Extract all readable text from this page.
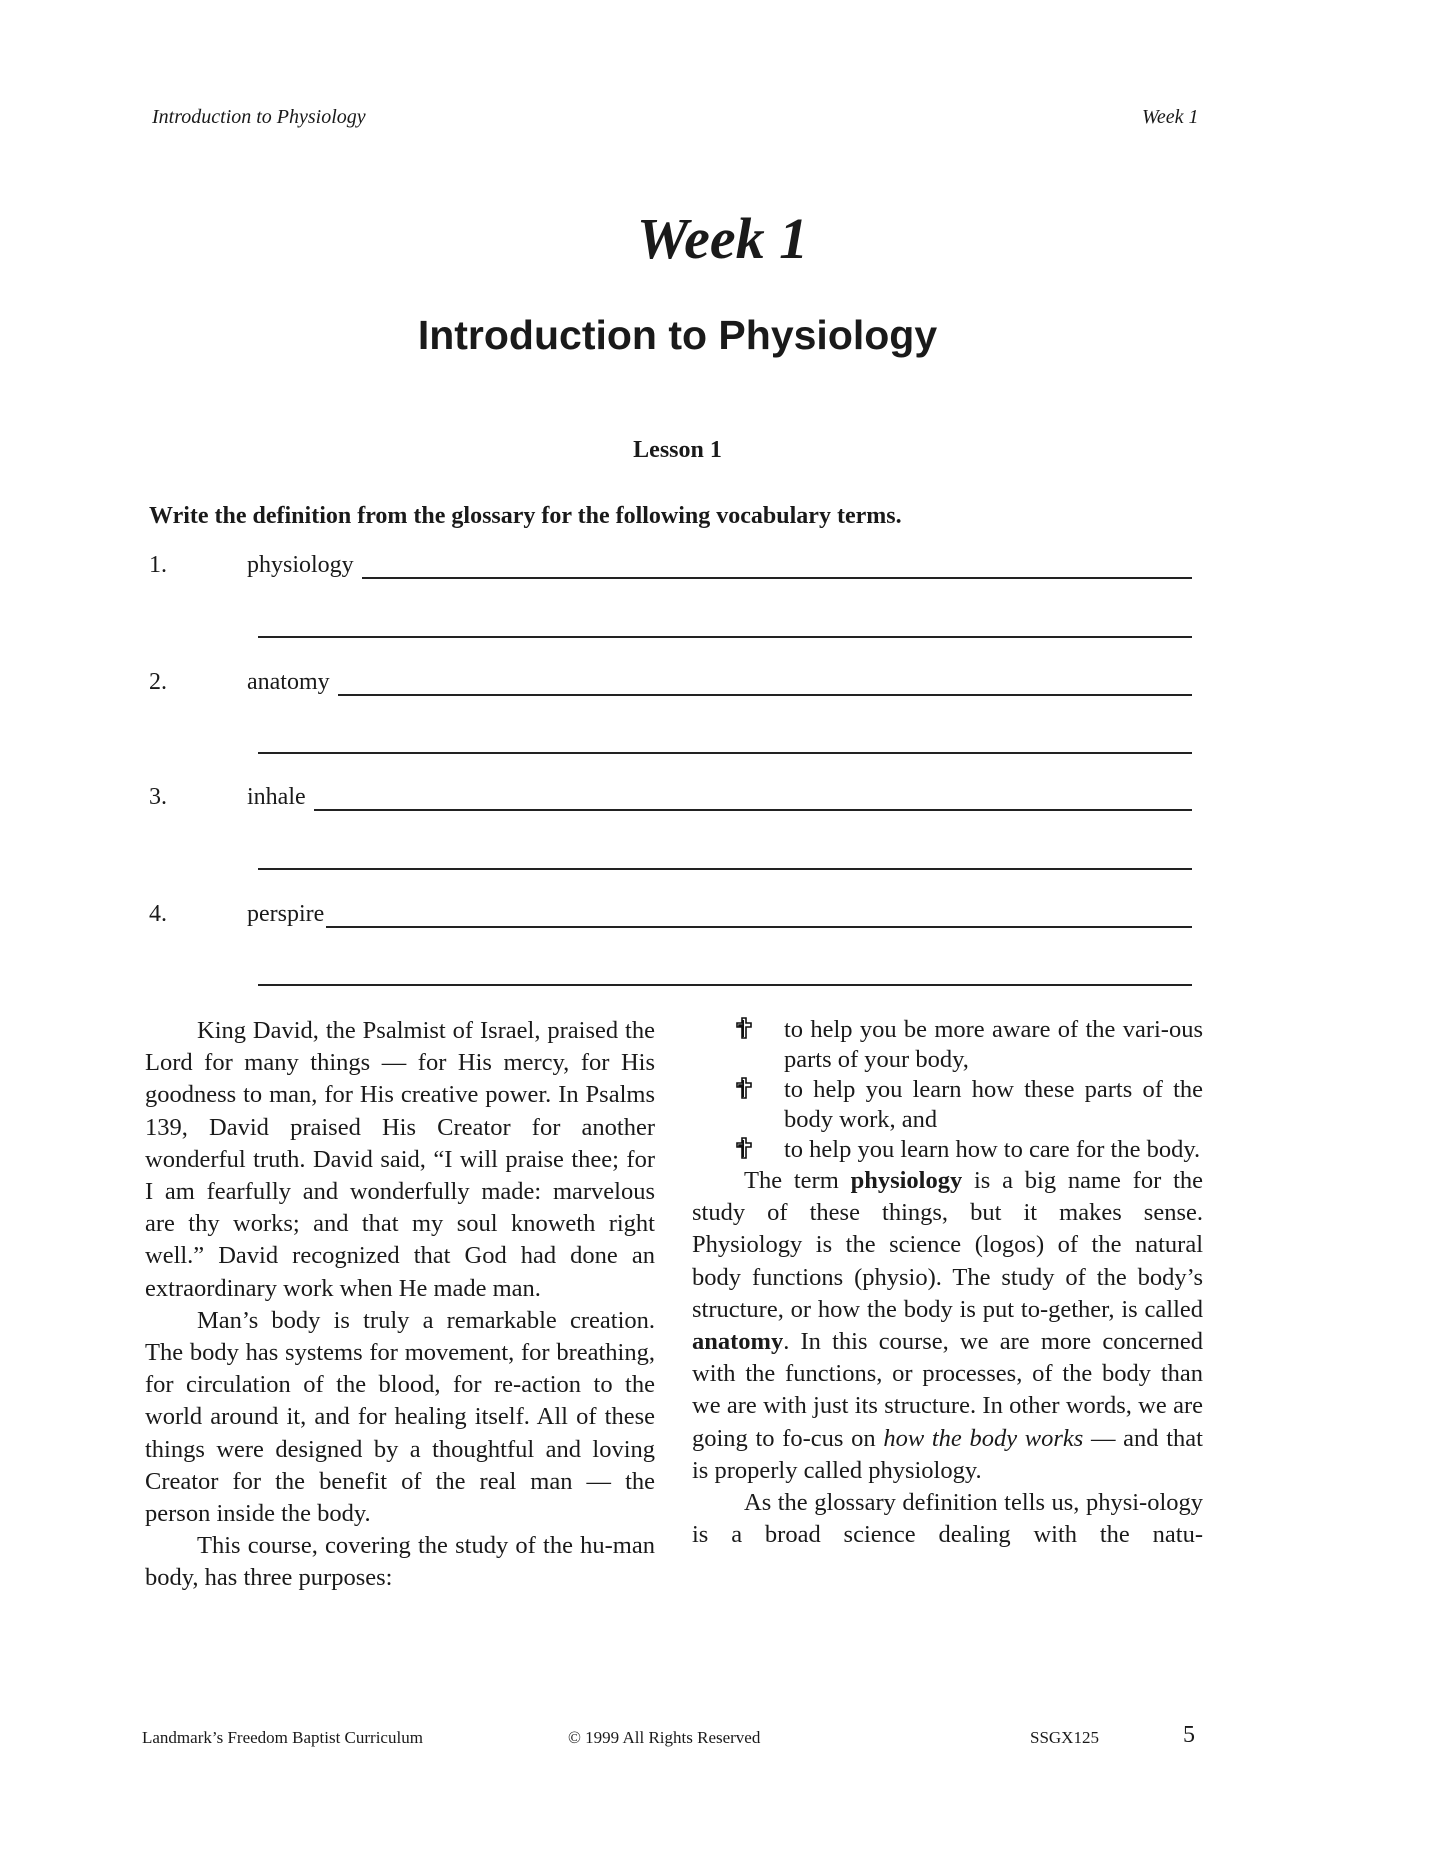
Introduction to Physiology	Week 1
Week 1
Introduction to Physiology
Lesson 1
Write the definition from the glossary for the following vocabulary terms.
1.	physiology
2.	anatomy
3.	inhale
4.	perspire

King David, the Psalmist of Israel, praised the Lord for many things — for His mercy, for His goodness to man, for His creative power. In Psalms 139, David praised His Creator for another wonderful truth. David said, “I will praise thee; for I am fearfully and wonderfully made: marvelous are thy works; and that my soul knoweth right well.” David recognized that God had done an extraordinary work when He made man.

Man’s body is truly a remarkable creation. The body has systems for movement, for breathing, for circulation of the blood, for re-action to the world around it, and for healing itself. All of these things were designed by a thoughtful and loving Creator for the benefit of the real man — the person inside the body.

This course, covering the study of the hu-man body, has three purposes:

to help you be more aware of the vari-ous parts of your body,
to help you learn how these parts of the body work, and
to help you learn how to care for the body.

The term physiology is a big name for the study of these things, but it makes sense. Physiology is the science (logos) of the natural body functions (physio). The study of the body’s structure, or how the body is put to-gether, is called anatomy. In this course, we are more concerned with the functions, or processes, of the body than we are with just its structure. In other words, we are going to fo-cus on how the body works — and that is properly called physiology.

As the glossary definition tells us, physi-ology is a broad science dealing with the natu-

Landmark’s Freedom Baptist Curriculum	© 1999 All Rights Reserved	SSGX125	5
